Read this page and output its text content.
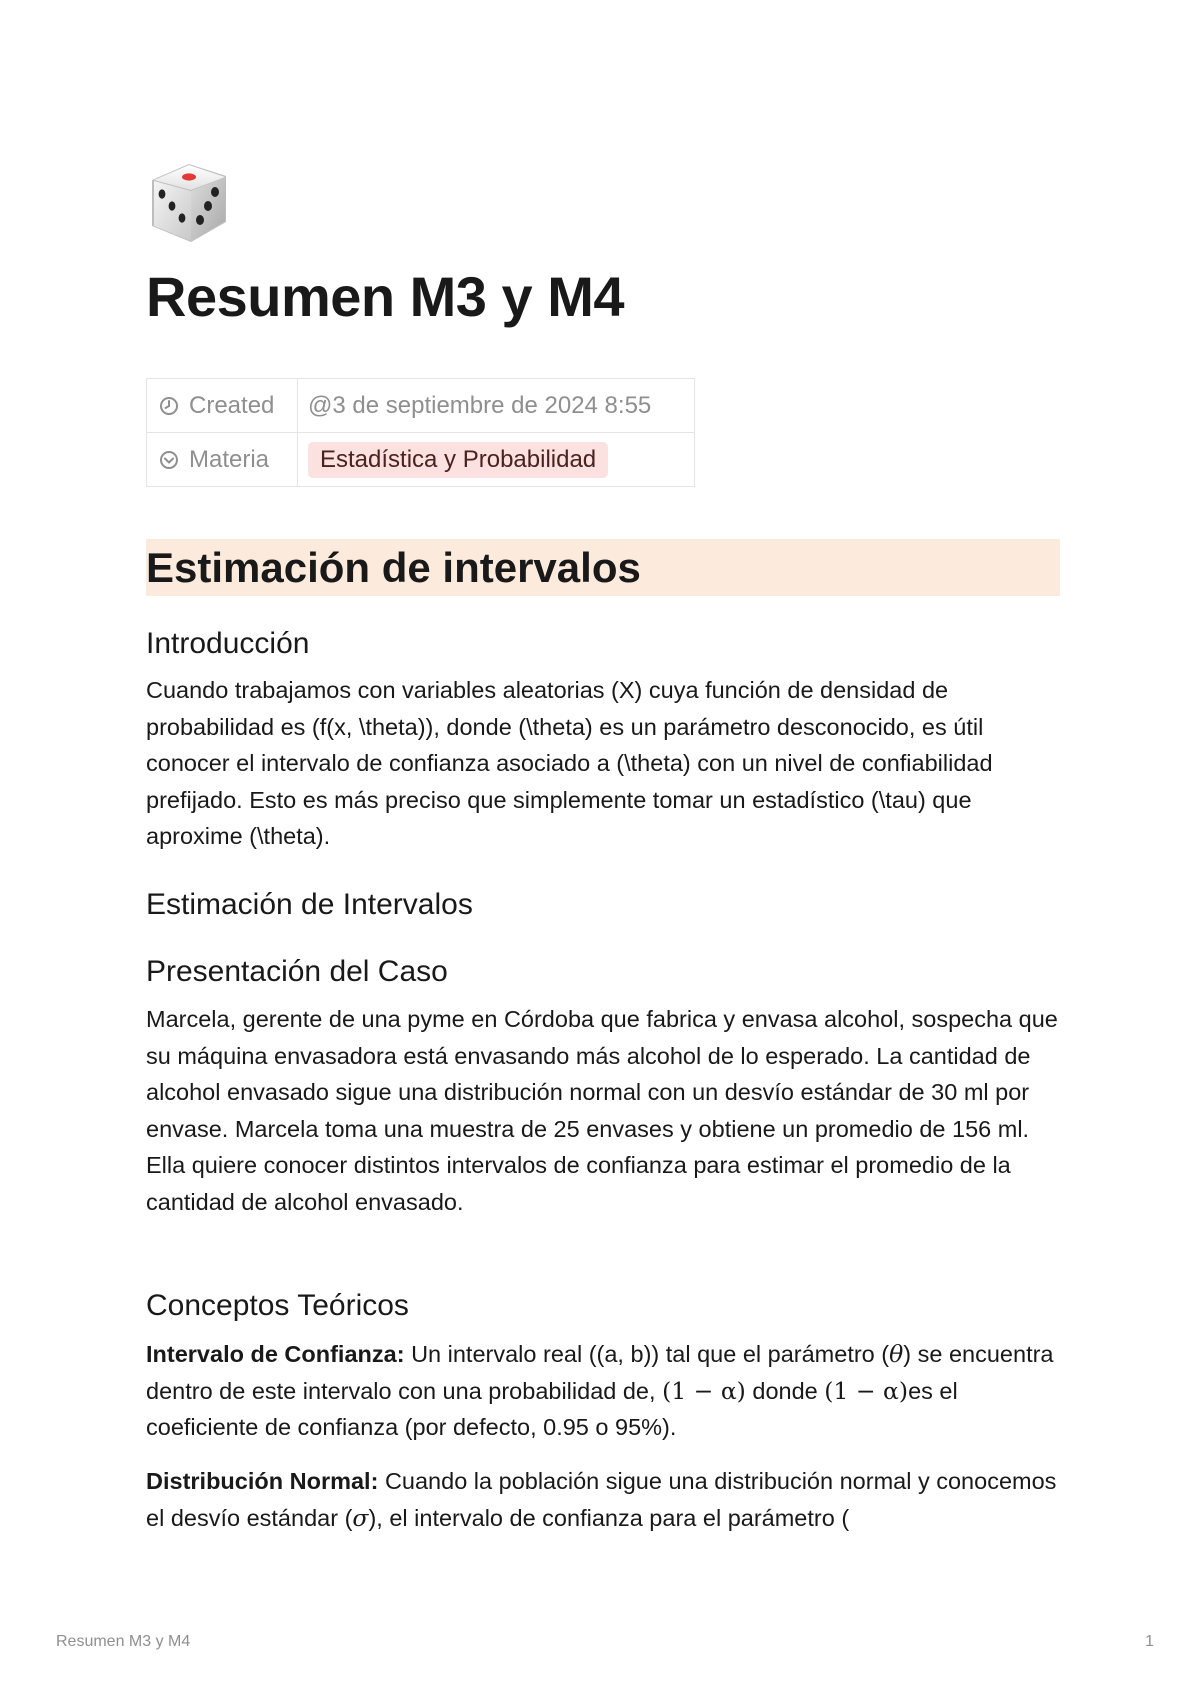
Resumen M3 y M4
Created	@3 de septiembre de 2024 8:55
Materia	Estadística y Probabilidad
Estimación de intervalos
Introducción

Cuando trabajamos con variables aleatorias (X) cuya función de densidad de probabilidad es (f(x, \theta)), donde (\theta) es un parámetro desconocido, es útil conocer el intervalo de confianza asociado a (\theta) con un nivel de confiabilidad prefijado. Esto es más preciso que simplemente tomar un estadístico (\tau) que aproxime (\theta).

Estimación de Intervalos
Presentación del Caso

Marcela, gerente de una pyme en Córdoba que fabrica y envasa alcohol, sospecha que su máquina envasadora está envasando más alcohol de lo esperado. La cantidad de alcohol envasado sigue una distribución normal con un desvío estándar de 30 ml por envase. Marcela toma una muestra de 25 envases y obtiene un promedio de 156 ml. Ella quiere conocer distintos intervalos de confianza para estimar el promedio de la cantidad de alcohol envasado.

Conceptos Teóricos

Intervalo de Confianza: Un intervalo real ((a, b)) tal que el parámetro (θ) se encuentra dentro de este intervalo con una probabilidad de, (1 − α) donde (1 − α)es el coeficiente de confianza (por defecto, 0.95 o 95%).

Distribución Normal: Cuando la población sigue una distribución normal y conocemos el desvío estándar (σ), el intervalo de confianza para el parámetro (

Resumen M3 y M4	1
